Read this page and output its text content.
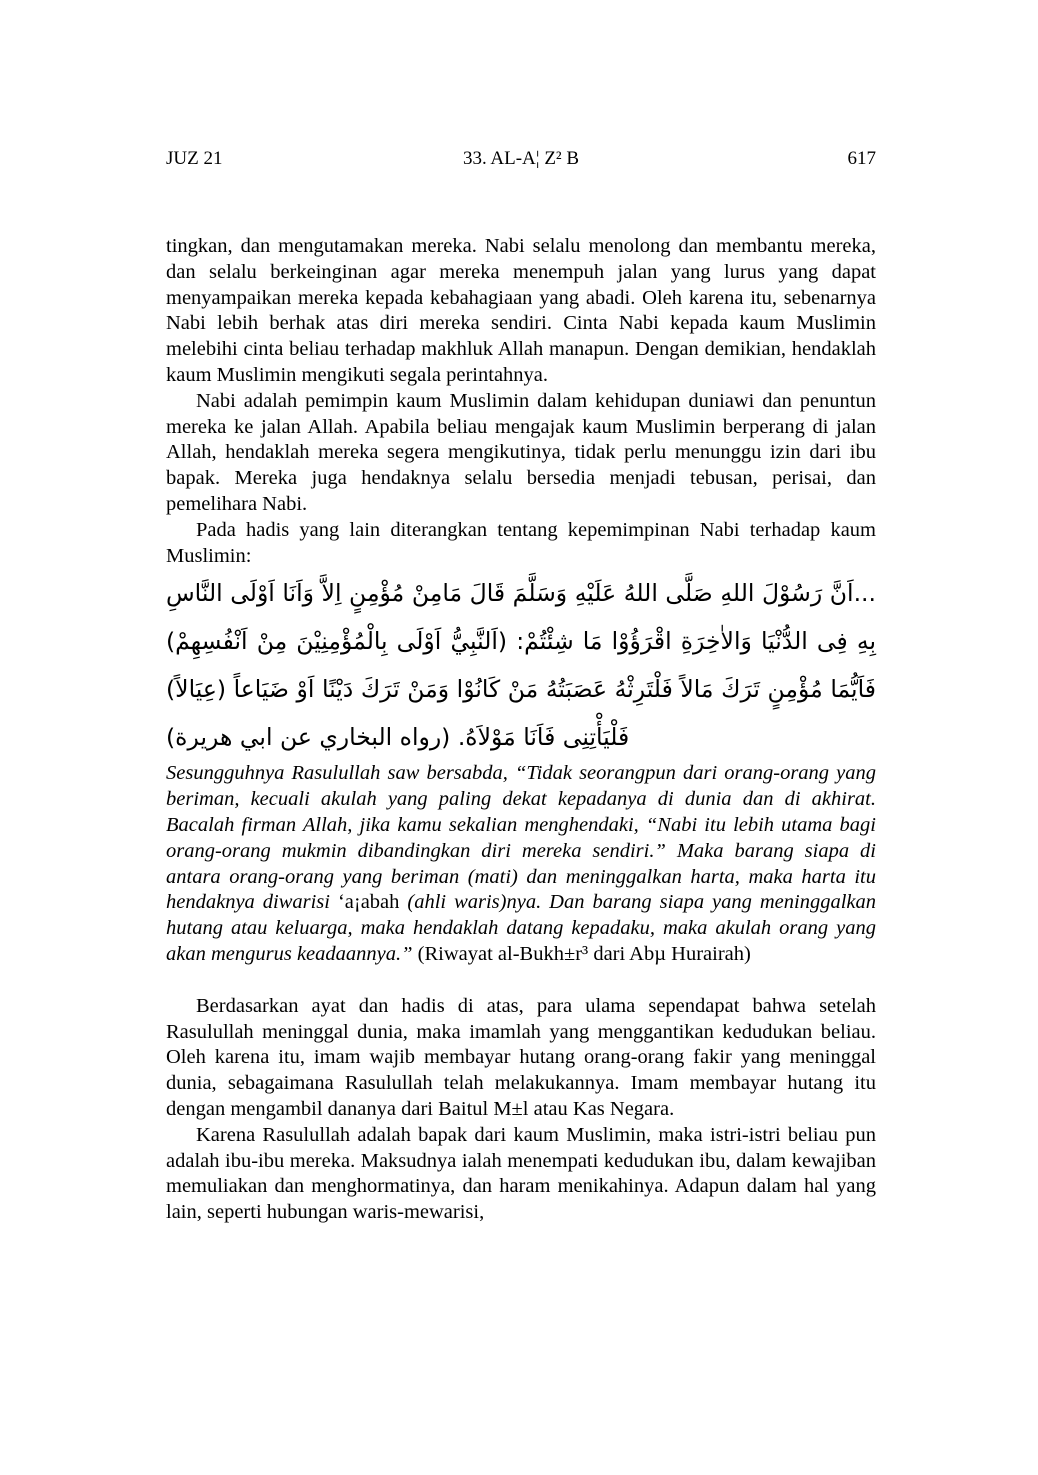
JUZ 21	33. AL-A¦ Z² B	617

tingkan, dan mengutamakan mereka. Nabi selalu menolong dan membantu mereka, dan selalu berkeinginan agar mereka menempuh jalan yang lurus yang dapat menyampaikan mereka kepada kebahagiaan yang abadi. Oleh karena itu, sebenarnya Nabi lebih berhak atas diri mereka sendiri. Cinta Nabi kepada kaum Muslimin melebihi cinta beliau terhadap makhluk Allah manapun. Dengan demikian, hendaklah kaum Muslimin mengikuti segala perintahnya.

Nabi adalah pemimpin kaum Muslimin dalam kehidupan duniawi dan penuntun mereka ke jalan Allah. Apabila beliau mengajak kaum Muslimin berperang di jalan Allah, hendaklah mereka segera mengikutinya, tidak perlu menunggu izin dari ibu bapak. Mereka juga hendaknya selalu bersedia menjadi tebusan, perisai, dan pemelihara Nabi.

Pada hadis yang lain diterangkan tentang kepemimpinan Nabi terhadap kaum Muslimin:

...اَنَّ رَسُوْلَ اللهِ صَلَّى اللهُ عَلَيْهِ وَسَلَّمَ قَالَ مَامِنْ مُؤْمِنٍ اِلاَّ وَاَنَا اَوْلَى النَّاسِ بِهِ فِى الدُّنْيَا وَالاٰخِرَةِ اقْرَؤُوْا مَا شِئْتُمْ: (اَلنَّبِيُّ اَوْلَى بِالْمُؤْمِنِيْنَ مِنْ اَنْفُسِهِمْ) فَاَيُّمَا مُؤْمِنٍ تَرَكَ مَالاً فَلْتَرِثْهُ عَصَبَتُهُ مَنْ كَانُوْا وَمَنْ تَرَكَ دَيْنًا اَوْ ضَيَاعاً (عِيَالاً) فَلْيَأْتِنِى فَاَنَا مَوْلاَهُ. (رواه البخاري عن ابي هريرة)

Sesungguhnya Rasulullah saw bersabda, “Tidak seorangpun dari orang-orang yang beriman, kecuali akulah yang paling dekat kepadanya di dunia dan di akhirat. Bacalah firman Allah, jika kamu sekalian menghendaki, “Nabi itu lebih utama bagi orang-orang mukmin dibandingkan diri mereka sendiri.” Maka barang siapa di antara orang-orang yang beriman (mati) dan meninggalkan harta, maka harta itu hendaknya diwarisi ‘a¡abah (ahli waris)nya. Dan barang siapa yang meninggalkan hutang atau keluarga, maka hendaklah datang kepadaku, maka akulah orang yang akan mengurus keadaannya.” (Riwayat al-Bukh±r³ dari Abµ Hurairah)

Berdasarkan ayat dan hadis di atas, para ulama sependapat bahwa setelah Rasulullah meninggal dunia, maka imamlah yang menggantikan kedudukan beliau. Oleh karena itu, imam wajib membayar hutang orang-orang fakir yang meninggal dunia, sebagaimana Rasulullah telah melakukannya. Imam membayar hutang itu dengan mengambil dananya dari Baitul M±l atau Kas Negara.

Karena Rasulullah adalah bapak dari kaum Muslimin, maka istri-istri beliau pun adalah ibu-ibu mereka. Maksudnya ialah menempati kedudukan ibu, dalam kewajiban memuliakan dan menghormatinya, dan haram menikahinya. Adapun dalam hal yang lain, seperti hubungan waris-mewarisi,
